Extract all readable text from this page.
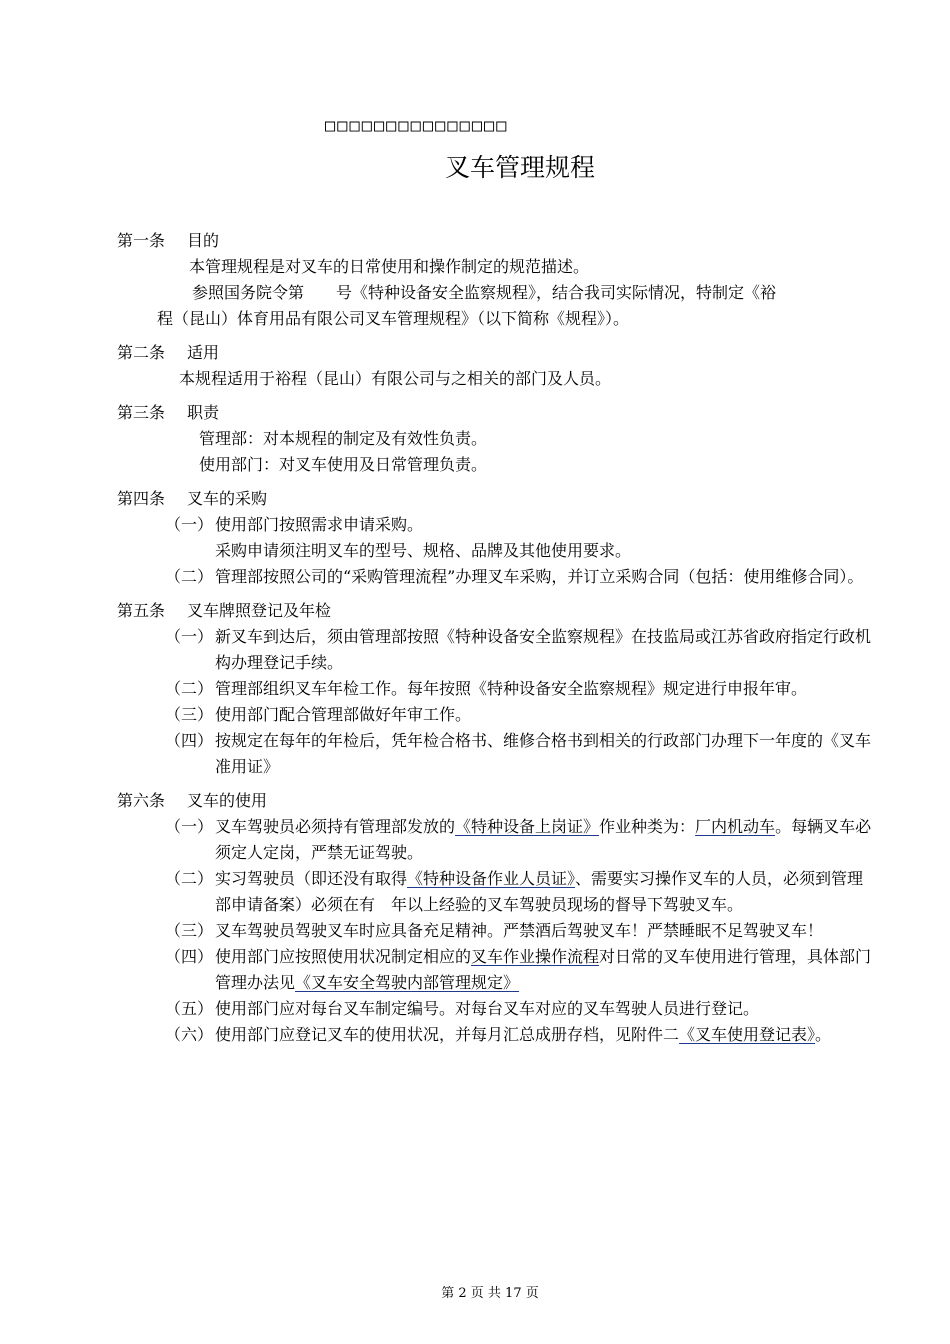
□□□□□□□□□□□□□□□
叉车管理规程
第一条 目的
本管理规程是对叉车的日常使用和操作制定的规范描述。
参照国务院令第　　号《特种设备安全监察规程》，结合我司实际情况，特制定《裕
程（昆山）体育用品有限公司叉车管理规程》（以下简称《规程》）。
第二条 适用
本规程适用于裕程（昆山）有限公司与之相关的部门及人员。
第三条 职责
管理部：对本规程的制定及有效性负责。
使用部门：对叉车使用及日常管理负责。
第四条 叉车的采购
（一） 使用部门按照需求申请采购。
采购申请须注明叉车的型号、规格、品牌及其他使用要求。
（二） 管理部按照公司的“采购管理流程”办理叉车采购，并订立采购合同（包括：使用维修合同）。
第五条 叉车牌照登记及年检
（一） 新叉车到达后，须由管理部按照《特种设备安全监察规程》在技监局或江苏省政府指定行政机构办理登记手续。
（二） 管理部组织叉车年检工作。每年按照《特种设备安全监察规程》规定进行申报年审。
（三） 使用部门配合管理部做好年审工作。
（四） 按规定在每年的年检后，凭年检合格书、维修合格书到相关的行政部门办理下一年度的《叉车准用证》
第六条 叉车的使用
（一） 叉车驾驶员必须持有管理部发放的《特种设备上岗证》作业种类为：厂内机动车。每辆叉车必须定人定岗，严禁无证驾驶。
（二） 实习驾驶员（即还没有取得《特种设备作业人员证》、需要实习操作叉车的人员，必须到管理部申请备案）必须在有　年以上经验的叉车驾驶员现场的督导下驾驶叉车。
（三） 叉车驾驶员驾驶叉车时应具备充足精神。严禁酒后驾驶叉车！严禁睡眠不足驾驶叉车！
（四） 使用部门应按照使用状况制定相应的叉车作业操作流程对日常的叉车使用进行管理，具体部门管理办法见《叉车安全驾驶内部管理规定》
（五） 使用部门应对每台叉车制定编号。对每台叉车对应的叉车驾驶人员进行登记。
（六） 使用部门应登记叉车的使用状况，并每月汇总成册存档，见附件二《叉车使用登记表》。
第 2 页 共 17 页
